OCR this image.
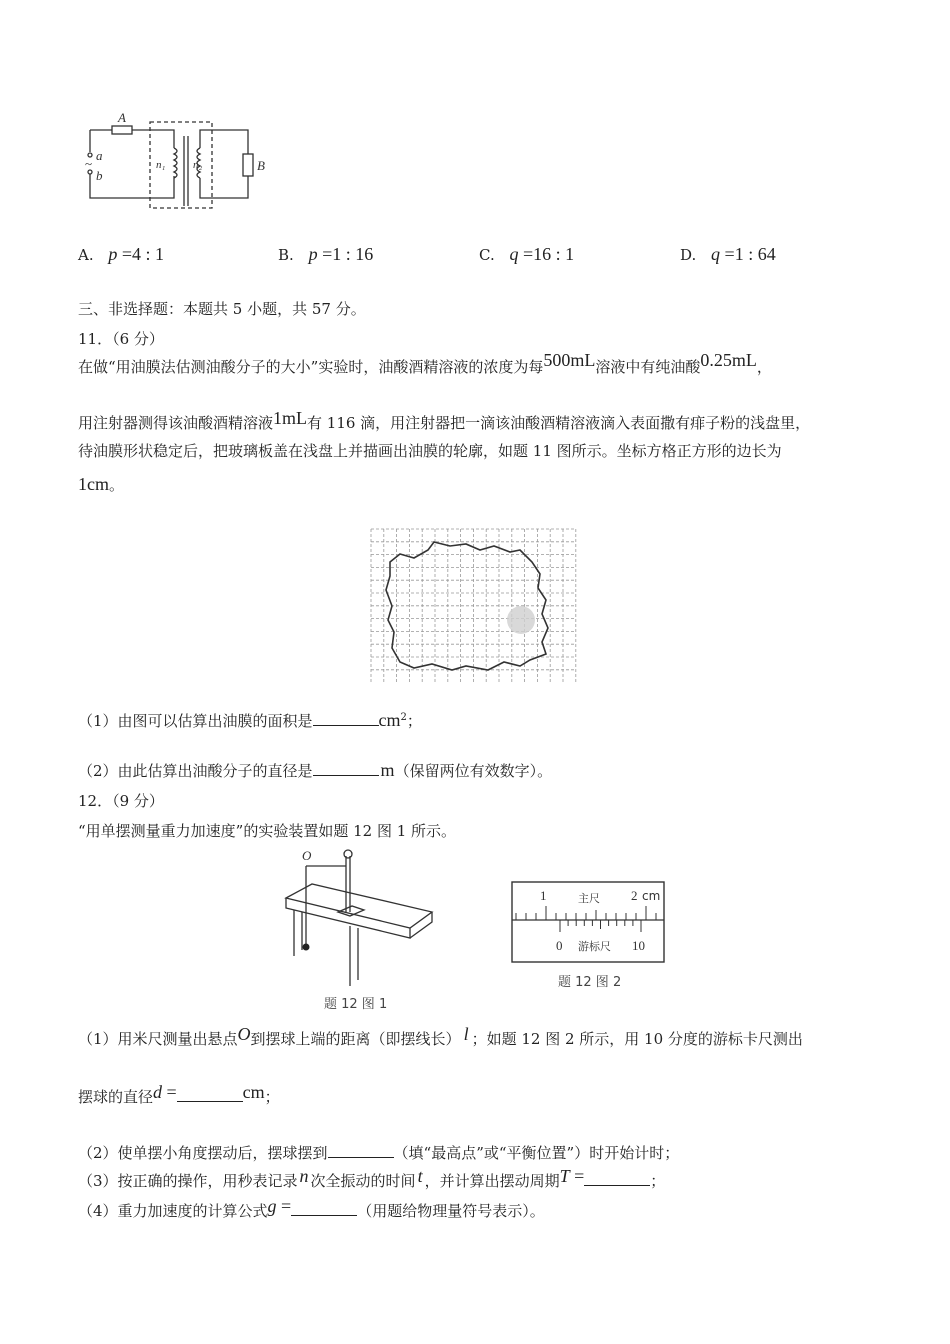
A
a
~
b
n₁	n₂	B
A. p =4 : 1	B. p =1 : 16	C. q =16 : 1	D. q =1 : 64
三、非选择题：本题共 5 小题，共 57 分。
11．（6 分）
在做“用油膜法估测油酸分子的大小”实验时，油酸酒精溶液的浓度为每500mL溶液中有纯油酸0.25mL，
用注射器测得该油酸酒精溶液1mL有 116 滴，用注射器把一滴该油酸酒精溶液滴入表面撒有痱子粉的浅盘里，
待油膜形状稳定后，把玻璃板盖在浅盘上并描画出油膜的轮廓，如题 11 图所示。坐标方格正方形的边长为
1cm。
（1）由图可以估算出油膜的面积是	$cm^2$；
（2）由此估算出油酸分子的直径是	m（保留两位有效数字）。
12．（9 分）
“用单摆测量重力加速度”的实验装置如题 12 图 1 所示。
O
题 12 图 1
1	主尺 2 cm
0 游标尺 10
题 12 图 2
（1）用米尺测量出悬点O到摆球上端的距离（即摆线长） l ；如题 12 图 2 所示，用 10 分度的游标卡尺测出
摆球的直径d =	cm；
（2）使单摆小角度摆动后，摆球摆到	（填“最高点”或“平衡位置”）时开始计时；
（3）按正确的操作，用秒表记录 n 次全振动的时间 t ，并计算出摆动周期T =	；
（4）重力加速度的计算公式g =	（用题给物理量符号表示）。
